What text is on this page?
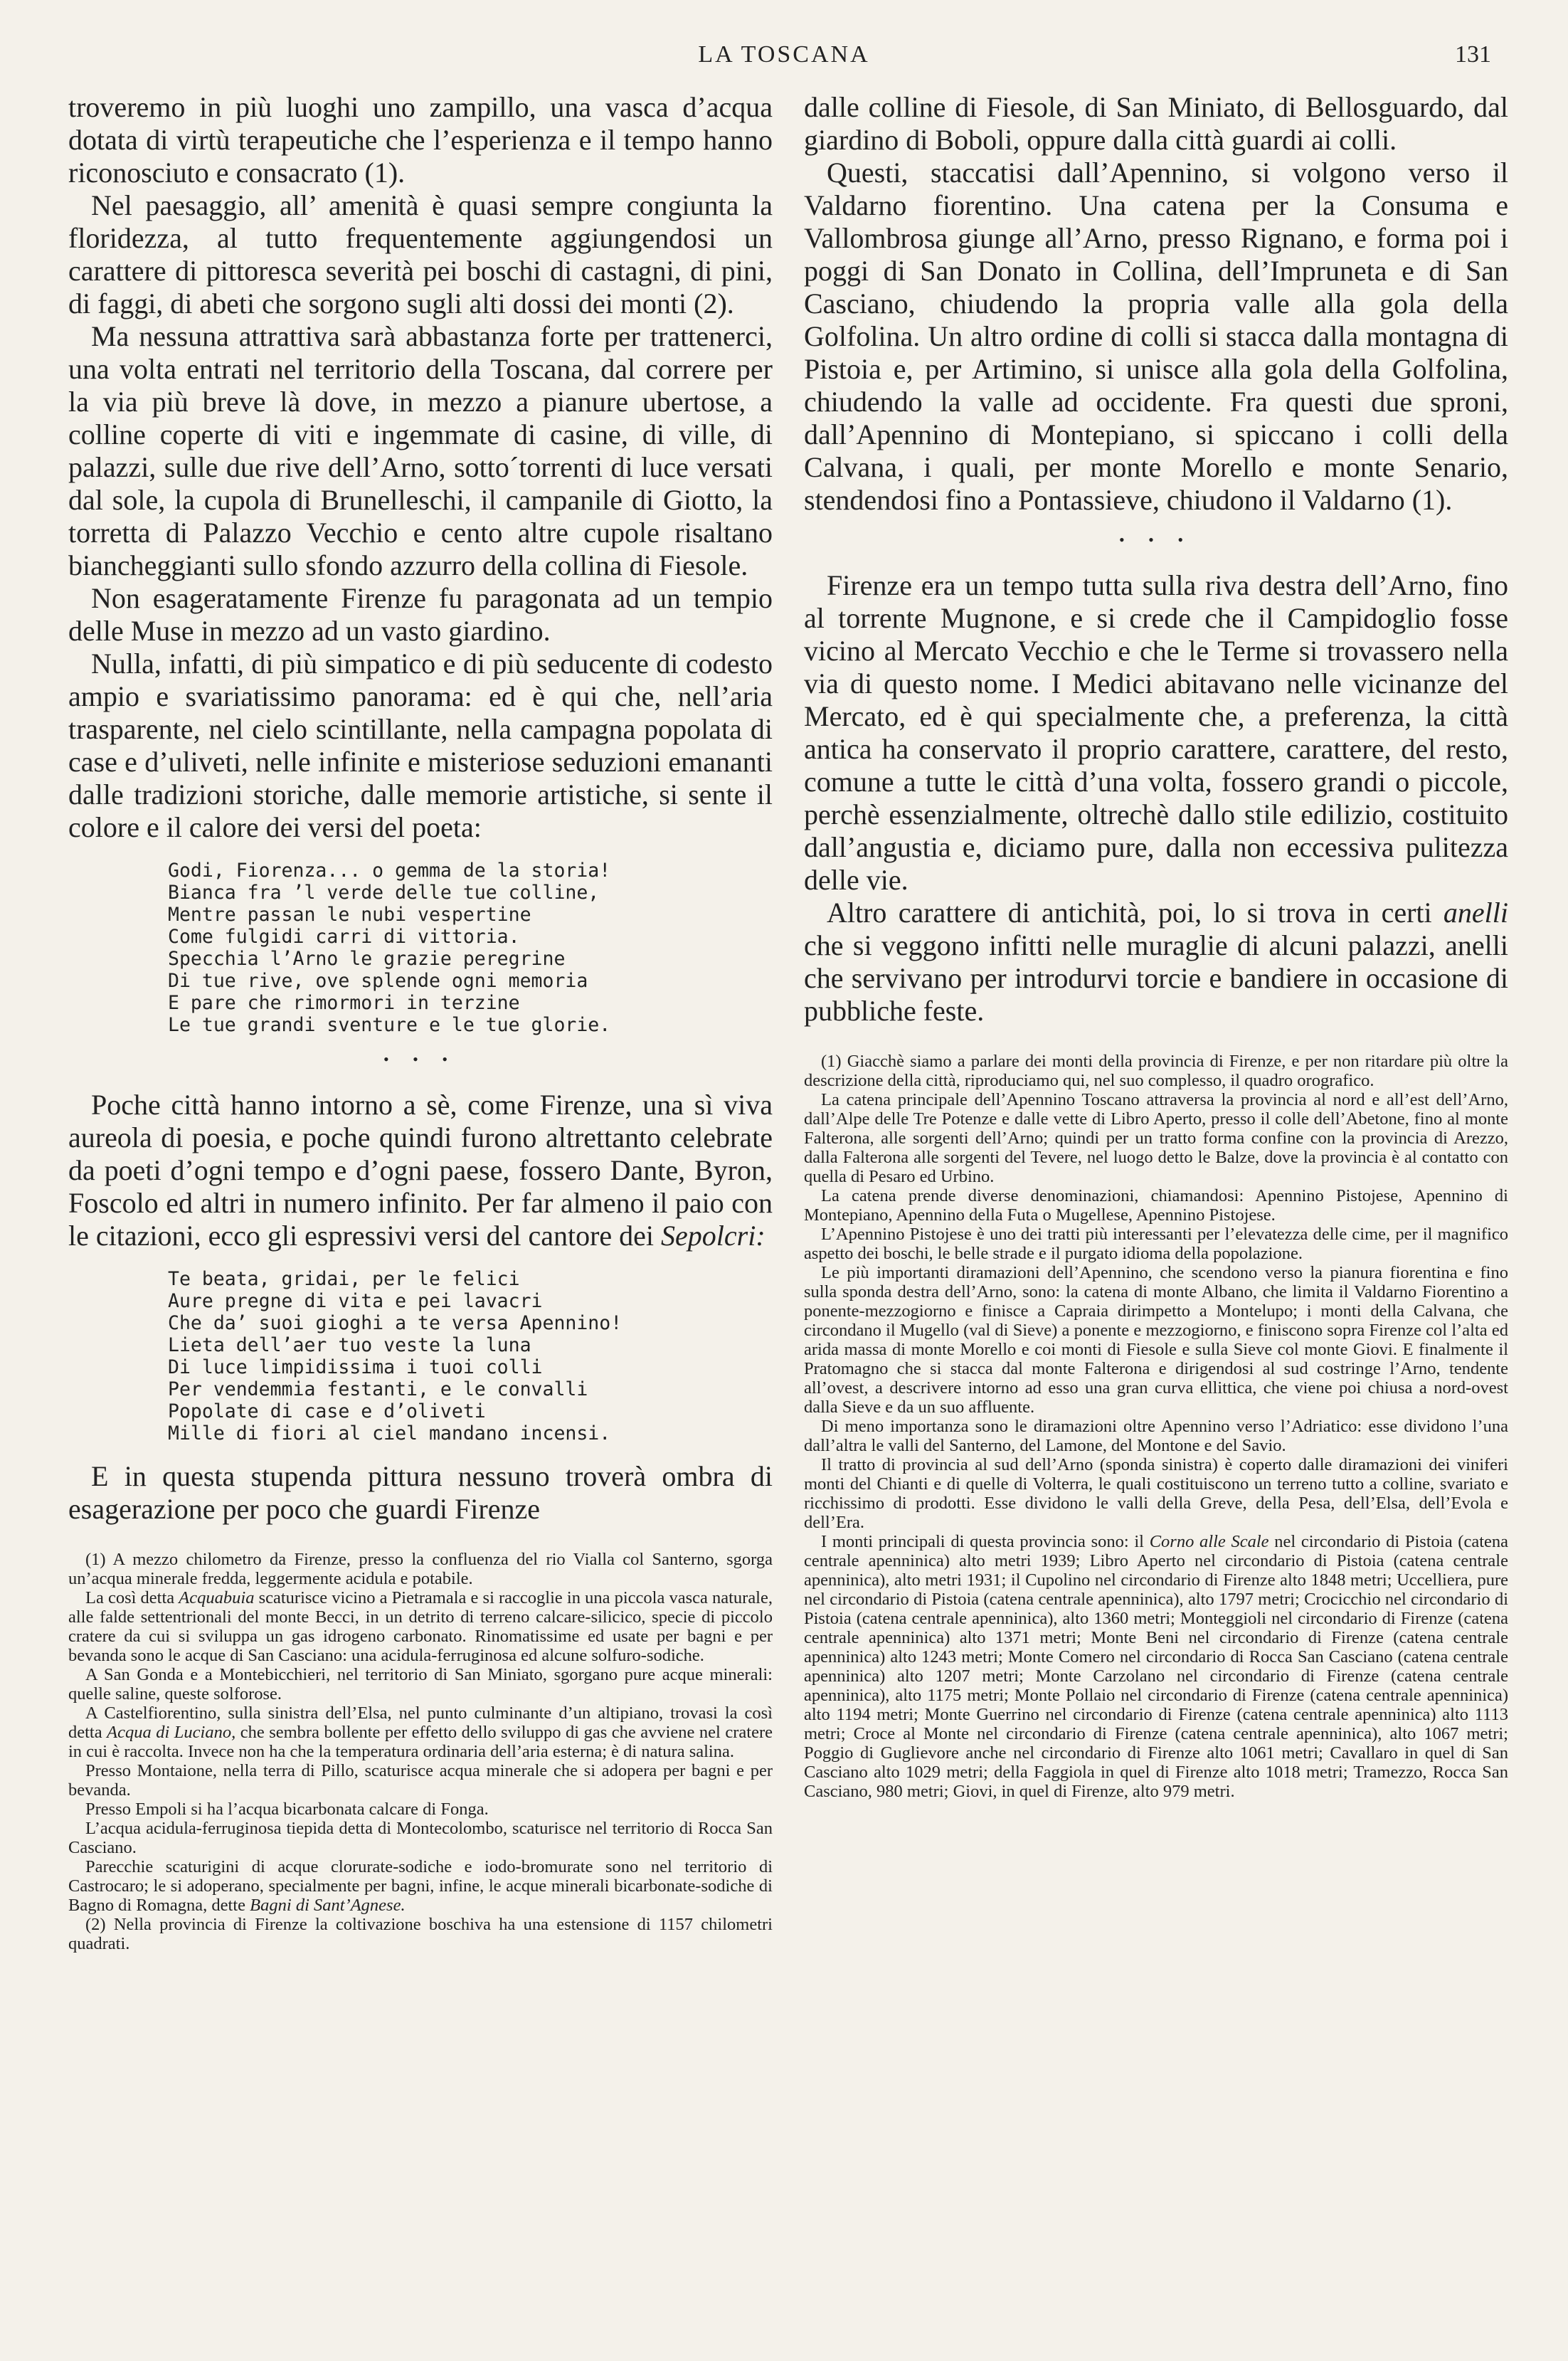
LA TOSCANA	131

troveremo in più luoghi uno zampillo, una vasca d’acqua dotata di virtù terapeutiche che l’esperienza e il tempo hanno riconosciuto e consacrato (1).

Nel paesaggio, all’ amenità è quasi sempre congiunta la floridezza, al tutto frequentemente aggiungendosi un carattere di pittoresca severità pei boschi di castagni, di pini, di faggi, di abeti che sorgono sugli alti dossi dei monti (2).

Ma nessuna attrattiva sarà abbastanza forte per trattenerci, una volta entrati nel territorio della Toscana, dal correre per la via più breve là dove, in mezzo a pianure ubertose, a colline coperte di viti e ingemmate di casine, di ville, di palazzi, sulle due rive dell’Arno, sotto´torrenti di luce versati dal sole, la cupola di Brunelleschi, il campanile di Giotto, la torretta di Palazzo Vecchio e cento altre cupole risaltano biancheggianti sullo sfondo azzurro della collina di Fiesole.

Non esageratamente Firenze fu paragonata ad un tempio delle Muse in mezzo ad un vasto giardino.

Nulla, infatti, di più simpatico e di più seducente di codesto ampio e svariatissimo panorama: ed è qui che, nell’aria trasparente, nel cielo scintillante, nella campagna popolata di case e d’uliveti, nelle infinite e misteriose seduzioni emananti dalle tradizioni storiche, dalle memorie artistiche, si sente il colore e il calore dei versi del poeta:

Godi, Fiorenza... o gemma de la storia!
Bianca fra ’l verde delle tue colline,
Mentre passan le nubi vespertine
Come fulgidi carri di vittoria.
Specchia l’Arno le grazie peregrine
Di tue rive, ove splende ogni memoria
E pare che rimormori in terzine
Le tue grandi sventure e le tue glorie.
• • •

Poche città hanno intorno a sè, come Firenze, una sì viva aureola di poesia, e poche quindi furono altrettanto celebrate da poeti d’ogni tempo e d’ogni paese, fossero Dante, Byron, Foscolo ed altri in numero infinito. Per far almeno il paio con le citazioni, ecco gli espressivi versi del cantore dei Sepolcri:

Te beata, gridai, per le felici
Aure pregne di vita e pei lavacri
Che da’ suoi gioghi a te versa Apennino!
Lieta dell’aer tuo veste la luna
Di luce limpidissima i tuoi colli
Per vendemmia festanti, e le convalli
Popolate di case e d’oliveti
Mille di fiori al ciel mandano incensi.

E in questa stupenda pittura nessuno troverà ombra di esagerazione per poco che guardi Firenze

(1) A mezzo chilometro da Firenze, presso la confluenza del rio Vialla col Santerno, sgorga un’acqua minerale fredda, leggermente acidula e potabile.

La così detta Acquabuia scaturisce vicino a Pietramala e si raccoglie in una piccola vasca naturale, alle falde settentrionali del monte Becci, in un detrito di terreno calcare-silicico, specie di piccolo cratere da cui si sviluppa un gas idrogeno carbonato. Rinomatissime ed usate per bagni e per bevanda sono le acque di San Casciano: una acidula-ferruginosa ed alcune solfuro-sodiche.

A San Gonda e a Montebicchieri, nel territorio di San Miniato, sgorgano pure acque minerali: quelle saline, queste solforose.

A Castelfiorentino, sulla sinistra dell’Elsa, nel punto culminante d’un altipiano, trovasi la così detta Acqua di Luciano, che sembra bollente per effetto dello sviluppo di gas che avviene nel cratere in cui è raccolta. Invece non ha che la temperatura ordinaria dell’aria esterna; è di natura salina.

Presso Montaione, nella terra di Pillo, scaturisce acqua minerale che si adopera per bagni e per bevanda.

Presso Empoli si ha l’acqua bicarbonata calcare di Fonga.

L’acqua acidula-ferruginosa tiepida detta di Montecolombo, scaturisce nel territorio di Rocca San Casciano.

Parecchie scaturigini di acque clorurate-sodiche e iodo-bromurate sono nel territorio di Castrocaro; le si adoperano, specialmente per bagni, infine, le acque minerali bicarbonate-sodiche di Bagno di Romagna, dette Bagni di Sant’Agnese.

(2) Nella provincia di Firenze la coltivazione boschiva ha una estensione di 1157 chilometri quadrati.

dalle colline di Fiesole, di San Miniato, di Bellosguardo, dal giardino di Boboli, oppure dalla città guardi ai colli.

Questi, staccatisi dall’Apennino, si volgono verso il Valdarno fiorentino. Una catena per la Consuma e Vallombrosa giunge all’Arno, presso Rignano, e forma poi i poggi di San Donato in Collina, dell’Impruneta e di San Casciano, chiudendo la propria valle alla gola della Golfolina. Un altro ordine di colli si stacca dalla montagna di Pistoia e, per Artimino, si unisce alla gola della Golfolina, chiudendo la valle ad occidente. Fra questi due sproni, dall’Apennino di Montepiano, si spiccano i colli della Calvana, i quali, per monte Morello e monte Senario, stendendosi fino a Pontassieve, chiudono il Valdarno (1).

• • •

Firenze era un tempo tutta sulla riva destra dell’Arno, fino al torrente Mugnone, e si crede che il Campidoglio fosse vicino al Mercato Vecchio e che le Terme si trovassero nella via di questo nome. I Medici abitavano nelle vicinanze del Mercato, ed è qui specialmente che, a preferenza, la città antica ha conservato il proprio carattere, carattere, del resto, comune a tutte le città d’una volta, fossero grandi o piccole, perchè essenzialmente, oltrechè dallo stile edilizio, costituito dall’angustia e, diciamo pure, dalla non eccessiva pulitezza delle vie.

Altro carattere di antichità, poi, lo si trova in certi anelli che si veggono infitti nelle muraglie di alcuni palazzi, anelli che servivano per introdurvi torcie e bandiere in occasione di pubbliche feste.

(1) Giacchè siamo a parlare dei monti della provincia di Firenze, e per non ritardare più oltre la descrizione della città, riproduciamo qui, nel suo complesso, il quadro orografico.

La catena principale dell’Apennino Toscano attraversa la provincia al nord e all’est dell’Arno, dall’Alpe delle Tre Potenze e dalle vette di Libro Aperto, presso il colle dell’Abetone, fino al monte Falterona, alle sorgenti dell’Arno; quindi per un tratto forma confine con la provincia di Arezzo, dalla Falterona alle sorgenti del Tevere, nel luogo detto le Balze, dove la provincia è al contatto con quella di Pesaro ed Urbino.

La catena prende diverse denominazioni, chiamandosi: Apennino Pistojese, Apennino di Montepiano, Apennino della Futa o Mugellese, Apennino Pistojese.

L’Apennino Pistojese è uno dei tratti più interessanti per l’elevatezza delle cime, per il magnifico aspetto dei boschi, le belle strade e il purgato idioma della popolazione.

Le più importanti diramazioni dell’Apennino, che scendono verso la pianura fiorentina e fino sulla sponda destra dell’Arno, sono: la catena di monte Albano, che limita il Valdarno Fiorentino a ponente-mezzogiorno e finisce a Capraia dirimpetto a Montelupo; i monti della Calvana, che circondano il Mugello (val di Sieve) a ponente e mezzogiorno, e finiscono sopra Firenze col l’alta ed arida massa di monte Morello e coi monti di Fiesole e sulla Sieve col monte Giovi. E finalmente il Pratomagno che si stacca dal monte Falterona e dirigendosi al sud costringe l’Arno, tendente all’ovest, a descrivere intorno ad esso una gran curva ellittica, che viene poi chiusa a nord-ovest dalla Sieve e da un suo affluente.

Di meno importanza sono le diramazioni oltre Apennino verso l’Adriatico: esse dividono l’una dall’altra le valli del Santerno, del Lamone, del Montone e del Savio.

Il tratto di provincia al sud dell’Arno (sponda sinistra) è coperto dalle diramazioni dei viniferi monti del Chianti e di quelle di Volterra, le quali costituiscono un terreno tutto a colline, svariato e ricchissimo di prodotti. Esse dividono le valli della Greve, della Pesa, dell’Elsa, dell’Evola e dell’Era.

I monti principali di questa provincia sono: il Corno alle Scale nel circondario di Pistoia (catena centrale apenninica) alto metri 1939; Libro Aperto nel circondario di Pistoia (catena centrale apenninica), alto metri 1931; il Cupolino nel circondario di Firenze alto 1848 metri; Uccelliera, pure nel circondario di Pistoia (catena centrale apenninica), alto 1797 metri; Crocicchio nel circondario di Pistoia (catena centrale apenninica), alto 1360 metri; Monteggioli nel circondario di Firenze (catena centrale apenninica) alto 1371 metri; Monte Beni nel circondario di Firenze (catena centrale apenninica) alto 1243 metri; Monte Comero nel circondario di Rocca San Casciano (catena centrale apenninica) alto 1207 metri; Monte Carzolano nel circondario di Firenze (catena centrale apenninica), alto 1175 metri; Monte Pollaio nel circondario di Firenze (catena centrale apenninica) alto 1194 metri; Monte Guerrino nel circondario di Firenze (catena centrale apenninica) alto 1113 metri; Croce al Monte nel circondario di Firenze (catena centrale apenninica), alto 1067 metri; Poggio di Guglievore anche nel circondario di Firenze alto 1061 metri; Cavallaro in quel di San Casciano alto 1029 metri; della Faggiola in quel di Firenze alto 1018 metri; Tramezzo, Rocca San Casciano, 980 metri; Giovi, in quel di Firenze, alto 979 metri.
